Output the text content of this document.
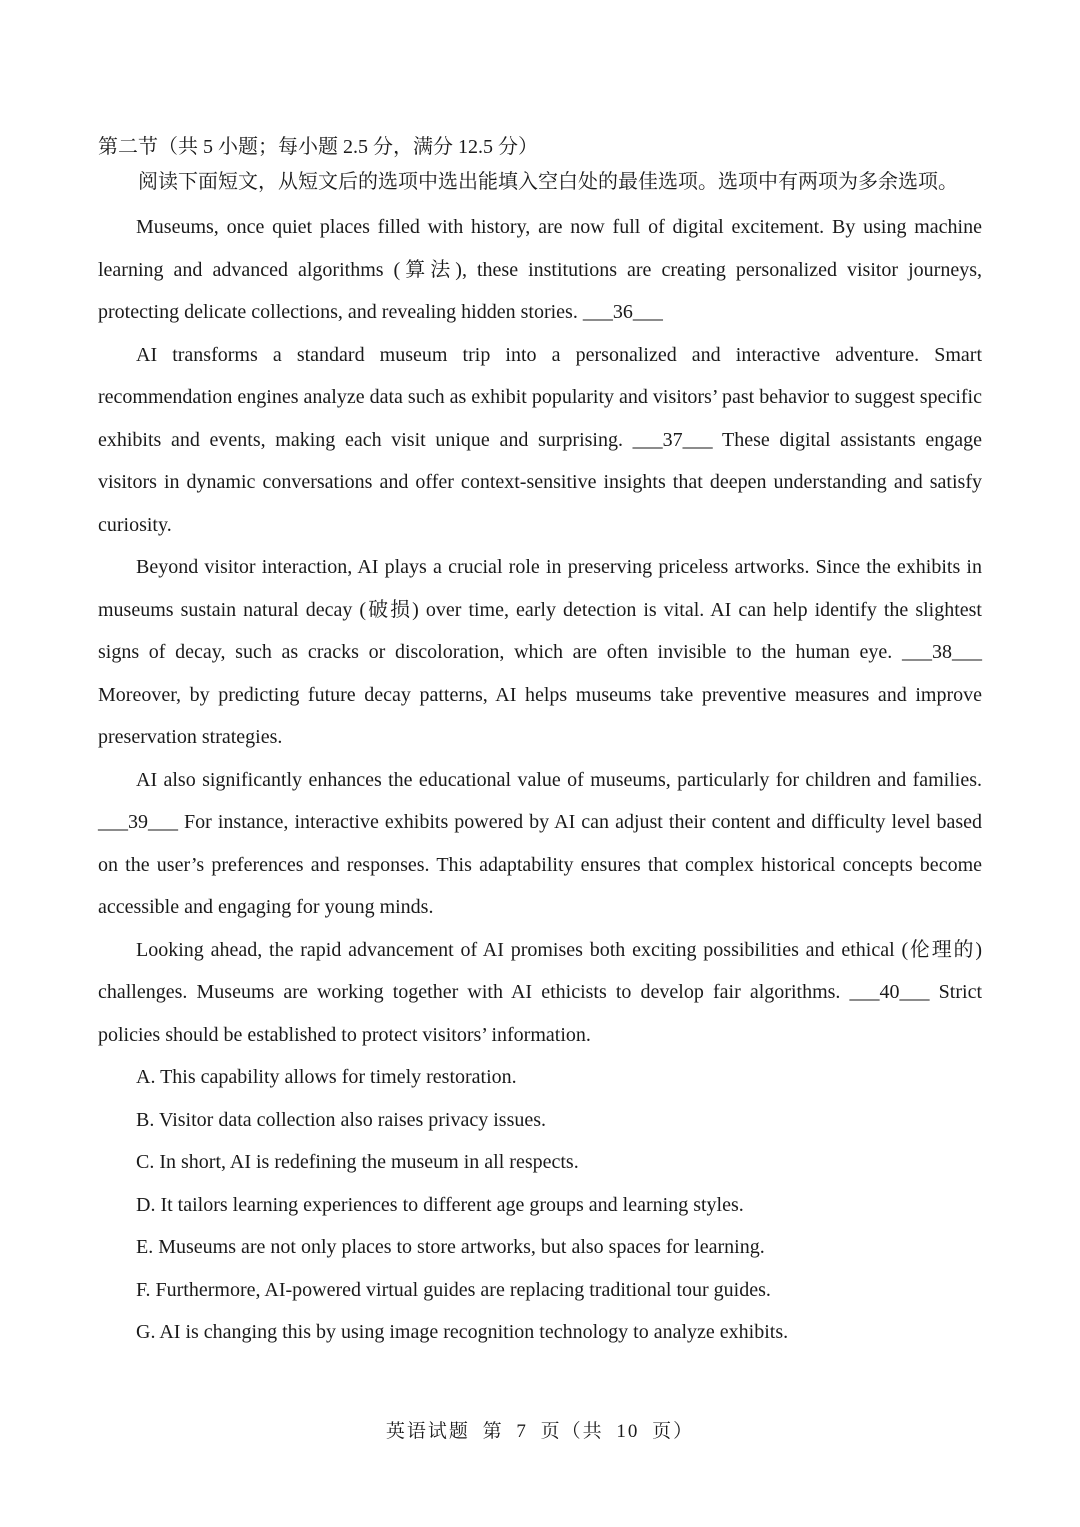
第二节（共 5 小题；每小题 2.5 分，满分 12.5 分）

阅读下面短文，从短文后的选项中选出能填入空白处的最佳选项。选项中有两项为多余选项。

Museums, once quiet places filled with history, are now full of digital excitement. By using machine learning and advanced algorithms (算法), these institutions are creating personalized visitor journeys, protecting delicate collections, and revealing hidden stories. ___36___

AI transforms a standard museum trip into a personalized and interactive adventure. Smart recommendation engines analyze data such as exhibit popularity and visitors’ past behavior to suggest specific exhibits and events, making each visit unique and surprising. ___37___ These digital assistants engage visitors in dynamic conversations and offer context-sensitive insights that deepen understanding and satisfy curiosity.

Beyond visitor interaction, AI plays a crucial role in preserving priceless artworks. Since the exhibits in museums sustain natural decay (破损) over time, early detection is vital. AI can help identify the slightest signs of decay, such as cracks or discoloration, which are often invisible to the human eye. ___38___ Moreover, by predicting future decay patterns, AI helps museums take preventive measures and improve preservation strategies.

AI also significantly enhances the educational value of museums, particularly for children and families. ___39___ For instance, interactive exhibits powered by AI can adjust their content and difficulty level based on the user’s preferences and responses. This adaptability ensures that complex historical concepts become accessible and engaging for young minds.

Looking ahead, the rapid advancement of AI promises both exciting possibilities and ethical (伦理的) challenges. Museums are working together with AI ethicists to develop fair algorithms. ___40___ Strict policies should be established to protect visitors’ information.

A. This capability allows for timely restoration.
B. Visitor data collection also raises privacy issues.
C. In short, AI is redefining the museum in all respects.
D. It tailors learning experiences to different age groups and learning styles.
E. Museums are not only places to store artworks, but also spaces for learning.
F. Furthermore, AI-powered virtual guides are replacing traditional tour guides.
G. AI is changing this by using image recognition technology to analyze exhibits.
英语试题 第 7 页（共 10 页）
